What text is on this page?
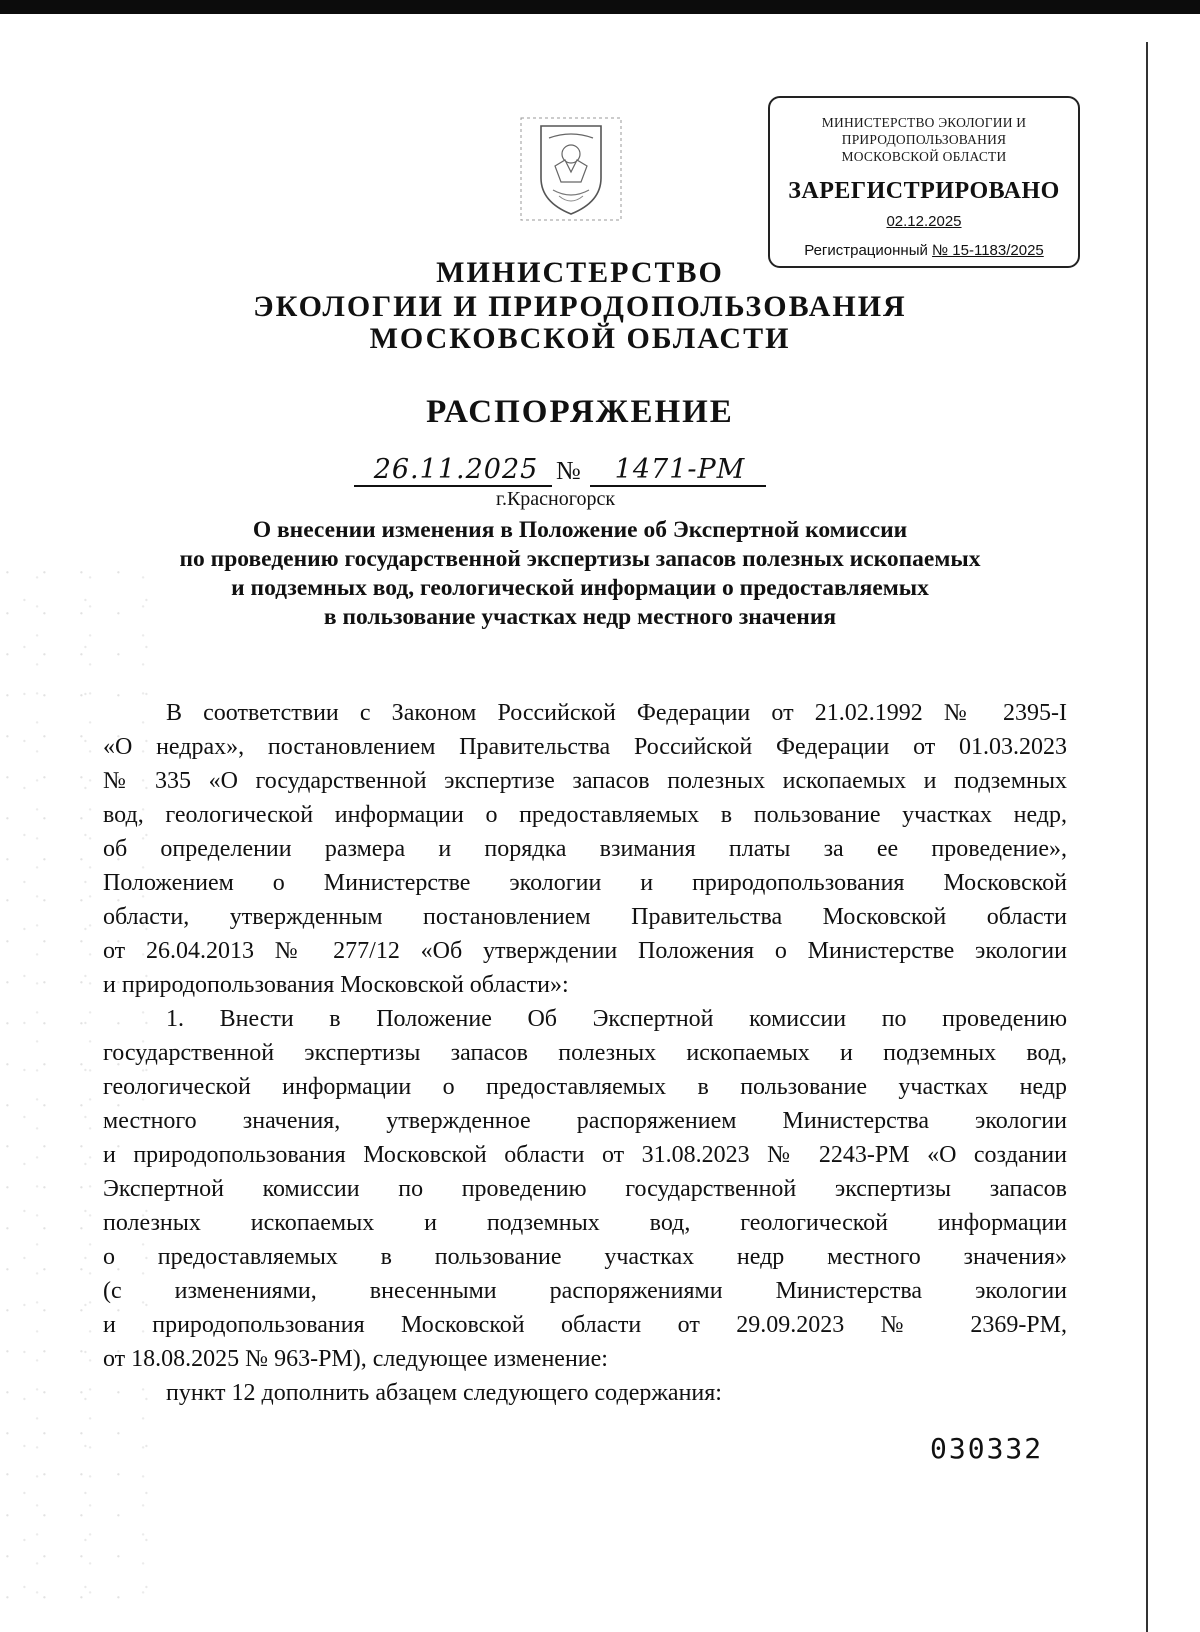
МИНИСТЕРСТВО ЭКОЛОГИИ И
ПРИРОДОПОЛЬЗОВАНИЯ
МОСКОВСКОЙ ОБЛАСТИ
ЗАРЕГИСТРИРОВАНО
02.12.2025
Регистрационный № 15-1183/2025
МИНИСТЕРСТВО
ЭКОЛОГИИ И ПРИРОДОПОЛЬЗОВАНИЯ
МОСКОВСКОЙ ОБЛАСТИ
РАСПОРЯЖЕНИЕ
26.11.2025 №	1471-РМ
г.Красногорск
О внесении изменения в Положение об Экспертной комиссии
по проведению государственной экспертизы запасов полезных ископаемых
и подземных вод, геологической информации о предоставляемых
в пользование участках недр местного значения
В соответствии с Законом Российской Федерации от 21.02.1992 № 2395-I
«О недрах», постановлением Правительства Российской Федерации от 01.03.2023
№ 335 «О государственной экспертизе запасов полезных ископаемых и подземных
вод, геологической информации о предоставляемых в пользование участках недр,
об определении размера и порядка взимания платы за ее проведение»,
Положением о Министерстве экологии и природопользования Московской
области, утвержденным постановлением Правительства Московской области
от 26.04.2013 № 277/12 «Об утверждении Положения о Министерстве экологии
и природопользования Московской области»:
1. Внести в Положение Об Экспертной комиссии по проведению
государственной экспертизы запасов полезных ископаемых и подземных вод,
геологической информации о предоставляемых в пользование участках недр
местного значения, утвержденное распоряжением Министерства экологии
и природопользования Московской области от 31.08.2023 № 2243-РМ «О создании
Экспертной комиссии по проведению государственной экспертизы запасов
полезных ископаемых и подземных вод, геологической информации
о предоставляемых в пользование участках недр местного значения»
(с изменениями, внесенными распоряжениями Министерства экологии
и природопользования Московской области от 29.09.2023 № 2369-РМ,
от 18.08.2025 № 963-РМ), следующее изменение:
пункт 12 дополнить абзацем следующего содержания:
030332
